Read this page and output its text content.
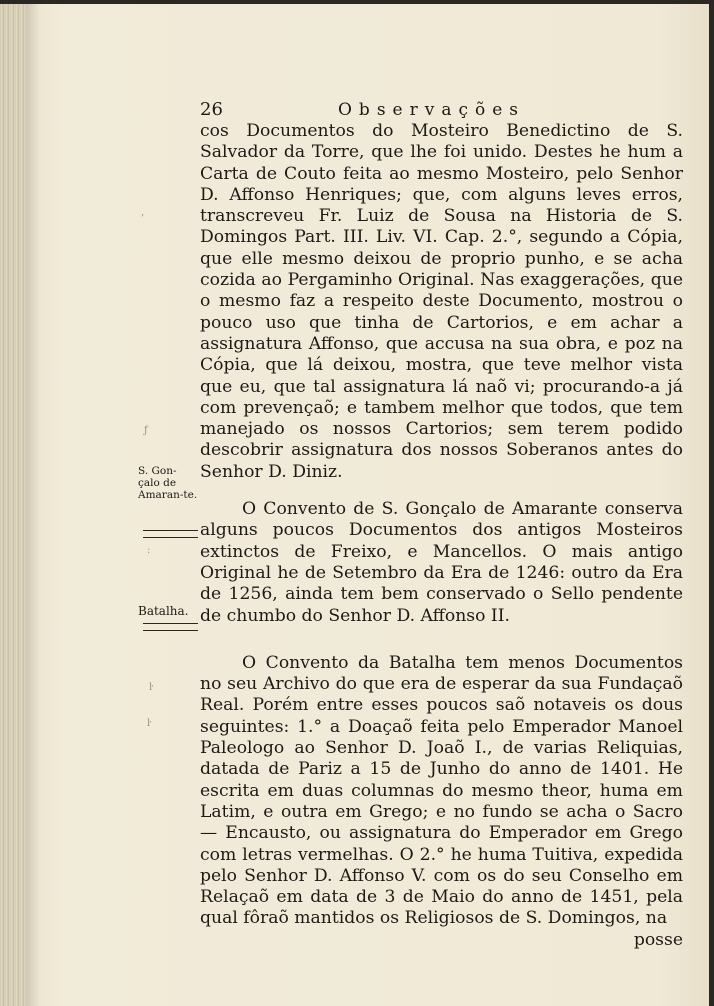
26	Observações
‚
ƒ
:
ŀ
ŀ
S. Gon-çalo de Amaran-te.
Batalha.

cos Documentos do Mosteiro Benedictino de S. Salvador da Torre, que lhe foi unido. Destes he hum a Carta de Couto feita ao mesmo Mosteiro, pelo Senhor D. Affonso Henriques; que, com alguns leves erros, transcreveu Fr. Luiz de Sousa na Historia de S. Domingos Part. III. Liv. VI. Cap. 2.°, segundo a Cópia, que elle mesmo deixou de proprio punho, e se acha cozida ao Pergaminho Original. Nas exaggerações, que o mesmo faz a respeito deste Documento, mostrou o pouco uso que tinha de Cartorios, e em achar a assignatura Affonso, que accusa na sua obra, e poz na Cópia, que lá deixou, mostra, que teve melhor vista que eu, que tal assignatura lá naõ vi; procurando-a já com prevençaõ; e tambem melhor que todos, que tem manejado os nossos Cartorios; sem terem podido descobrir assignatura dos nossos Soberanos antes do Senhor D. Diniz.

O Convento de S. Gonçalo de Amarante conserva alguns poucos Documentos dos antigos Mosteiros extinctos de Freixo, e Mancellos. O mais antigo Original he de Setembro da Era de 1246: outro da Era de 1256, ainda tem bem conservado o Sello pendente de chumbo do Senhor D. Affonso II.

O Convento da Batalha tem menos Documentos no seu Archivo do que era de esperar da sua Fundaçaõ Real. Porém entre esses poucos saõ notaveis os dous seguintes: 1.° a Doaçaõ feita pelo Emperador Manoel Paleologo ao Senhor D. Joaõ I., de varias Reliquias, datada de Pariz a 15 de Junho do anno de 1401. He escrita em duas columnas do mesmo theor, huma em Latim, e outra em Grego; e no fundo se acha o Sacro — Encausto, ou assignatura do Emperador em Grego com letras vermelhas. O 2.° he huma Tuitiva, expedida pelo Senhor D. Affonso V. com os do seu Conselho em Relaçaõ em data de 3 de Maio do anno de 1451, pela qual fôraõ mantidos os Religiosos de S. Domingos, na

posse
